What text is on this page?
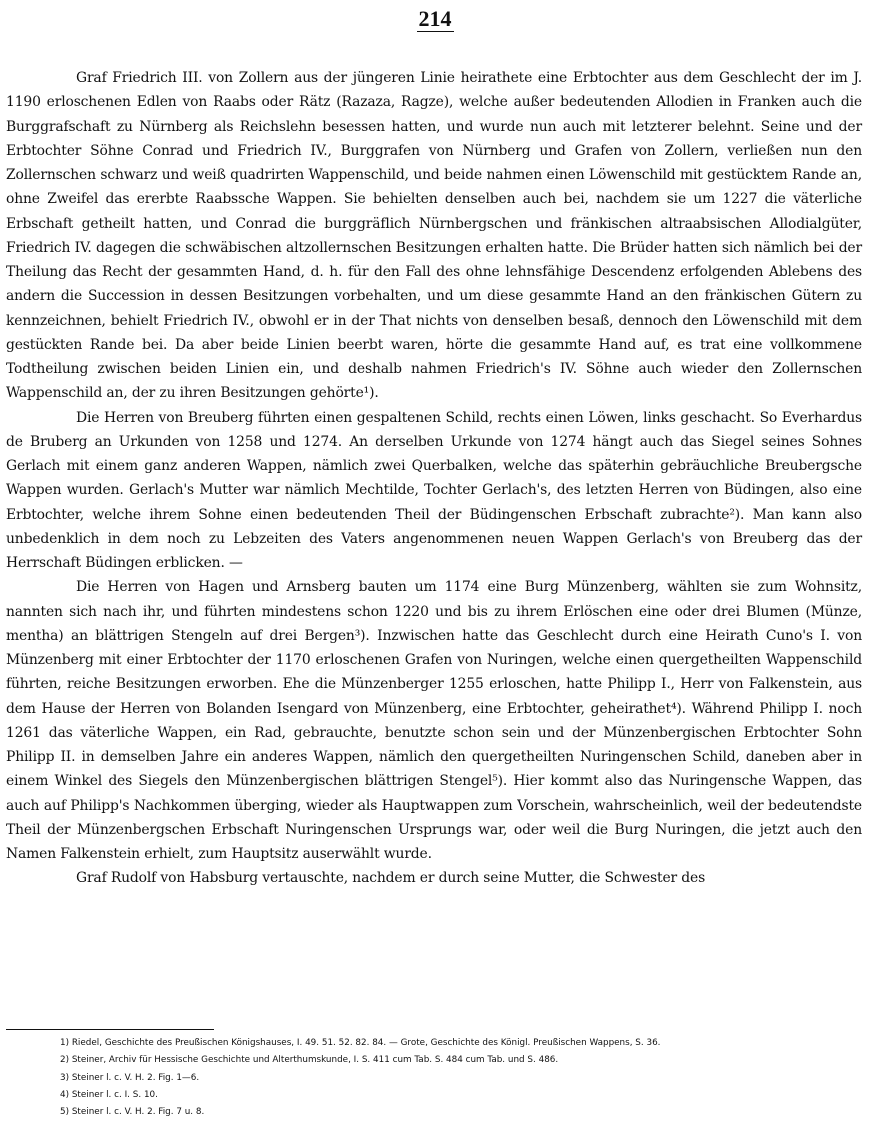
214

Graf Friedrich III. von Zollern aus der jüngeren Linie heirathete eine Erbtochter aus dem Geschlecht der im J. 1190 erloschenen Edlen von Raabs oder Rätz (Razaza, Ragze), welche außer bedeutenden Allodien in Franken auch die Burggrafschaft zu Nürnberg als Reichslehn besessen hatten, und wurde nun auch mit letzterer belehnt. Seine und der Erbtochter Söhne Conrad und Friedrich IV., Burggrafen von Nürnberg und Grafen von Zollern, verließen nun den Zollernschen schwarz und weiß quadrirten Wappenschild, und beide nahmen einen Löwenschild mit gestücktem Rande an, ohne Zweifel das ererbte Raabssche Wappen. Sie behielten denselben auch bei, nachdem sie um 1227 die väterliche Erbschaft getheilt hatten, und Conrad die burggräflich Nürnbergschen und fränkischen altraabsischen Allodialgüter, Friedrich IV. dagegen die schwäbischen altzollernschen Besitzungen erhalten hatte. Die Brüder hatten sich nämlich bei der Theilung das Recht der gesammten Hand, d. h. für den Fall des ohne lehnsfähige Descendenz erfolgenden Ablebens des andern die Succession in dessen Besitzungen vorbehalten, und um diese gesammte Hand an den fränkischen Gütern zu kennzeichnen, behielt Friedrich IV., obwohl er in der That nichts von denselben besaß, dennoch den Löwenschild mit dem gestückten Rande bei. Da aber beide Linien beerbt waren, hörte die gesammte Hand auf, es trat eine vollkommene Todtheilung zwischen beiden Linien ein, und deshalb nahmen Friedrich's IV. Söhne auch wieder den Zollernschen Wappenschild an, der zu ihren Besitzungen gehörte¹).

Die Herren von Breuberg führten einen gespaltenen Schild, rechts einen Löwen, links geschacht. So Everhardus de Bruberg an Urkunden von 1258 und 1274. An derselben Urkunde von 1274 hängt auch das Siegel seines Sohnes Gerlach mit einem ganz anderen Wappen, nämlich zwei Querbalken, welche das späterhin gebräuchliche Breubergsche Wappen wurden. Gerlach's Mutter war nämlich Mechtilde, Tochter Gerlach's, des letzten Herren von Büdingen, also eine Erbtochter, welche ihrem Sohne einen bedeutenden Theil der Büdingenschen Erbschaft zubrachte²). Man kann also unbedenklich in dem noch zu Lebzeiten des Vaters angenommenen neuen Wappen Gerlach's von Breuberg das der Herrschaft Büdingen erblicken. —

Die Herren von Hagen und Arnsberg bauten um 1174 eine Burg Münzenberg, wählten sie zum Wohnsitz, nannten sich nach ihr, und führten mindestens schon 1220 und bis zu ihrem Erlöschen eine oder drei Blumen (Münze, mentha) an blättrigen Stengeln auf drei Bergen³). Inzwischen hatte das Geschlecht durch eine Heirath Cuno's I. von Münzenberg mit einer Erbtochter der 1170 erloschenen Grafen von Nuringen, welche einen quergetheilten Wappenschild führten, reiche Besitzungen erworben. Ehe die Münzenberger 1255 erloschen, hatte Philipp I., Herr von Falkenstein, aus dem Hause der Herren von Bolanden Isengard von Münzenberg, eine Erbtochter, geheirathet⁴). Während Philipp I. noch 1261 das väterliche Wappen, ein Rad, gebrauchte, benutzte schon sein und der Münzenbergischen Erbtochter Sohn Philipp II. in demselben Jahre ein anderes Wappen, nämlich den quergetheilten Nuringenschen Schild, daneben aber in einem Winkel des Siegels den Münzenbergischen blättrigen Stengel⁵). Hier kommt also das Nuringensche Wappen, das auch auf Philipp's Nachkommen überging, wieder als Hauptwappen zum Vorschein, wahrscheinlich, weil der bedeutendste Theil der Münzenbergschen Erbschaft Nuringenschen Ursprungs war, oder weil die Burg Nuringen, die jetzt auch den Namen Falkenstein erhielt, zum Hauptsitz auserwählt wurde.

Graf Rudolf von Habsburg vertauschte, nachdem er durch seine Mutter, die Schwester des

1) Riedel, Geschichte des Preußischen Königshauses, I. 49. 51. 52. 82. 84. — Grote, Geschichte des Königl. Preußischen Wappens, S. 36.

2) Steiner, Archiv für Hessische Geschichte und Alterthumskunde, I. S. 411 cum Tab. S. 484 cum Tab. und S. 486.

3) Steiner l. c. V. H. 2. Fig. 1—6.

4) Steiner l. c. I. S. 10.

5) Steiner l. c. V. H. 2. Fig. 7 u. 8.
